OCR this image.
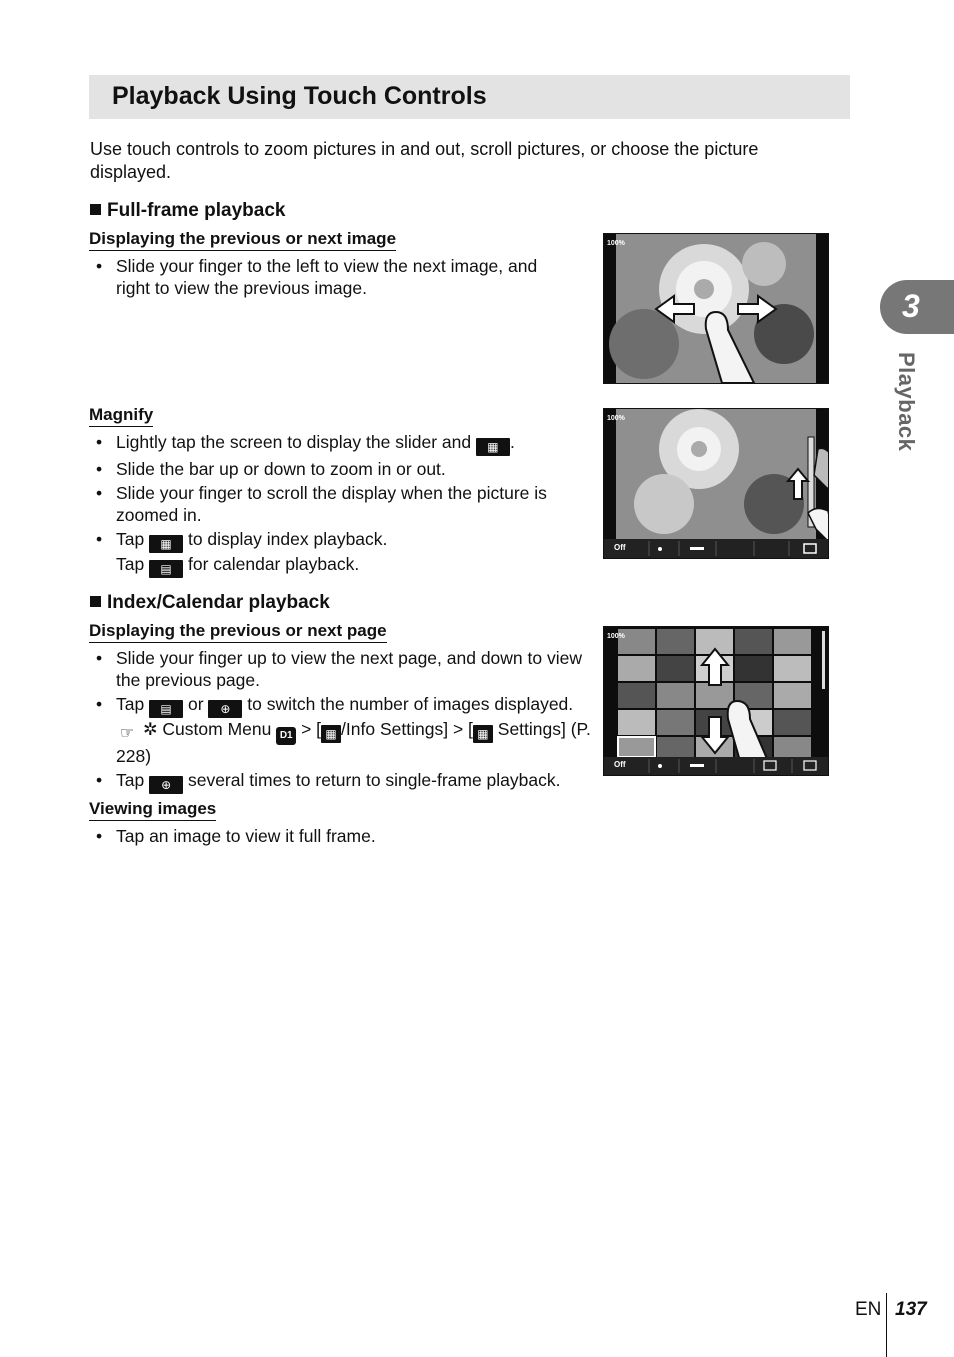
Playback Using Touch Controls
Use touch controls to zoom pictures in and out, scroll pictures, or choose the picture displayed.
Full-frame playback
Displaying the previous or next image
• Slide your finger to the left to view the next image, and right to view the previous image.
Magnify
• Lightly tap the screen to display the slider and ▦ .
• Slide the bar up or down to zoom in or out.
• Slide your finger to scroll the display when the picture is zoomed in.
• Tap ▦ to display index playback.
Tap ▤ for calendar playback.
Index/Calendar playback
Displaying the previous or next page
• Slide your finger up to view the next page, and down to view the previous page.
• Tap ▤ or ⊕ to switch the number of images displayed. ☞ ✲ Custom Menu D1 > [ ▦ /Info Settings] > [ ▦ Settings] (P. 228)
• Tap ⊕ several times to return to single-frame playback.
Viewing images
• Tap an image to view it full frame.
100%
100%
Off
100%
Off
3
Playback
EN 137
